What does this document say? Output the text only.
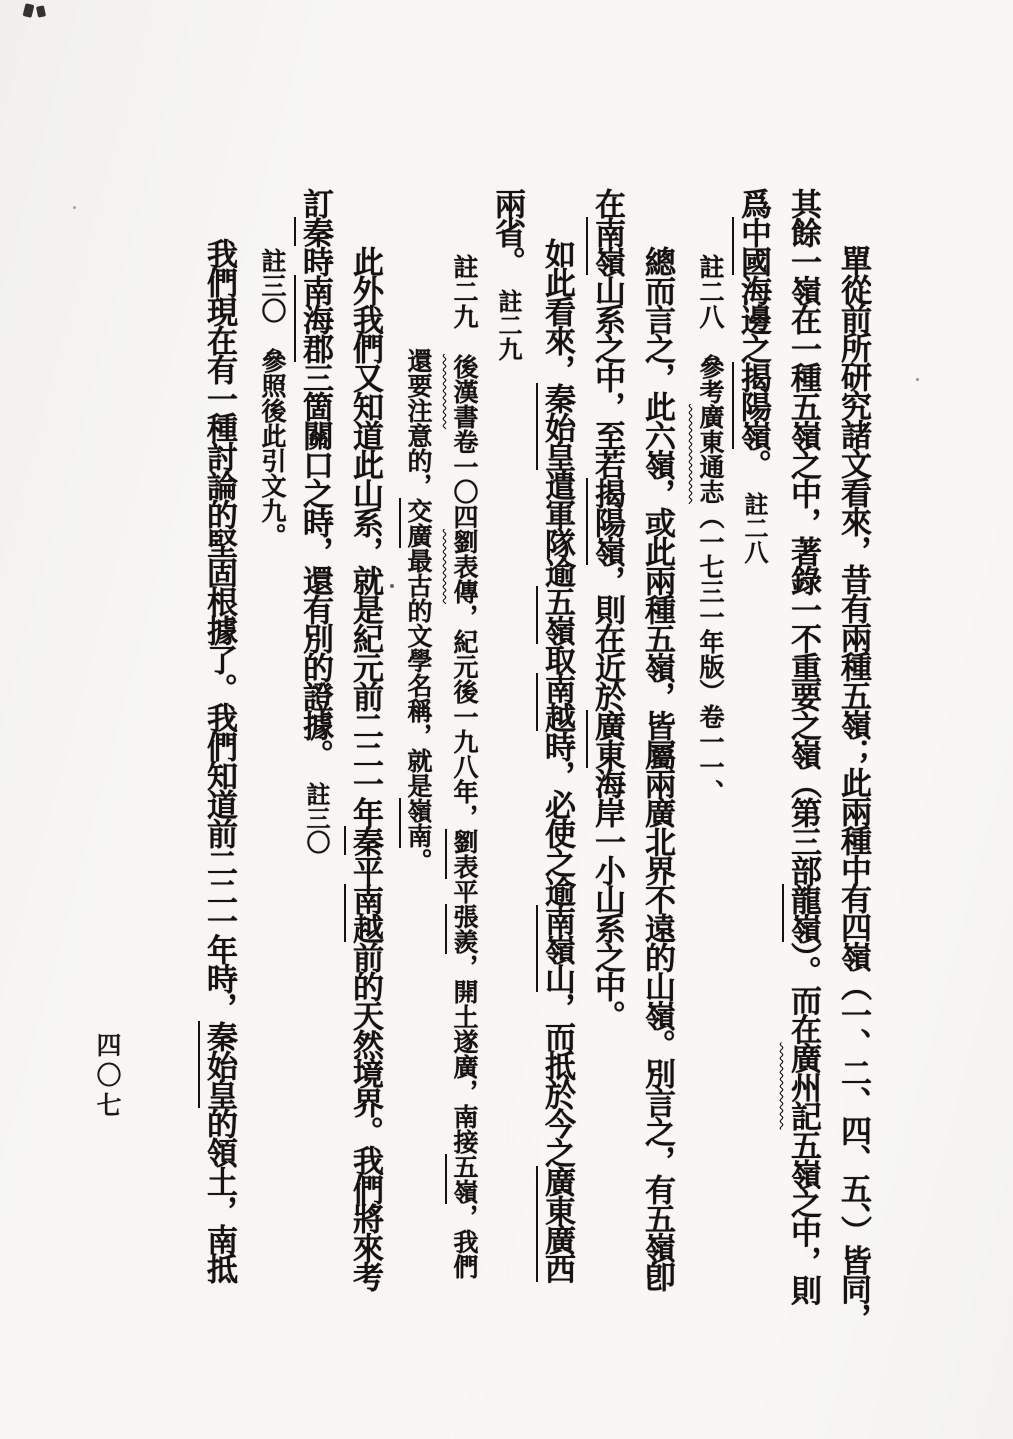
單從前所研究諸文看來，昔有兩種五嶺；此兩種中有四嶺（一、二、四、五、）皆同，
其餘一嶺在一種五嶺之中，著錄一不重要之嶺（第三部龍嶺）。而在廣州記五嶺之中，則
爲中國海邊之揭陽嶺。註二八
註二八　參考廣東通志（一七三一年版）卷一一、
總而言之，此六嶺，或此兩種五嶺，皆屬兩廣北界不遠的山嶺。別言之，有五嶺卽
在南嶺山系之中，至若揭陽嶺，則在近於廣東海岸一小山系之中。
如此看來，秦始皇遣軍隊逾五嶺取南越時，必使之逾南嶺山，而抵於今之廣東廣西
兩省。註二九
註二九　後漢書卷一〇四劉表傳，紀元後一九八年，劉表平張羨，開土遂廣，南接五嶺，我們
還要注意的，交廣最古的文學名稱，就是嶺南。
此外我們又知道此山系，就是紀元前二二一年秦平南越前的天然境界。我們將來考
訂秦時南海郡三箇關口之時，還有別的證據。註三〇
註三〇　參照後此引文九。
我們現在有一種討論的堅固根據了。我們知道前二二一年時，秦始皇的領土，南抵
四〇七
